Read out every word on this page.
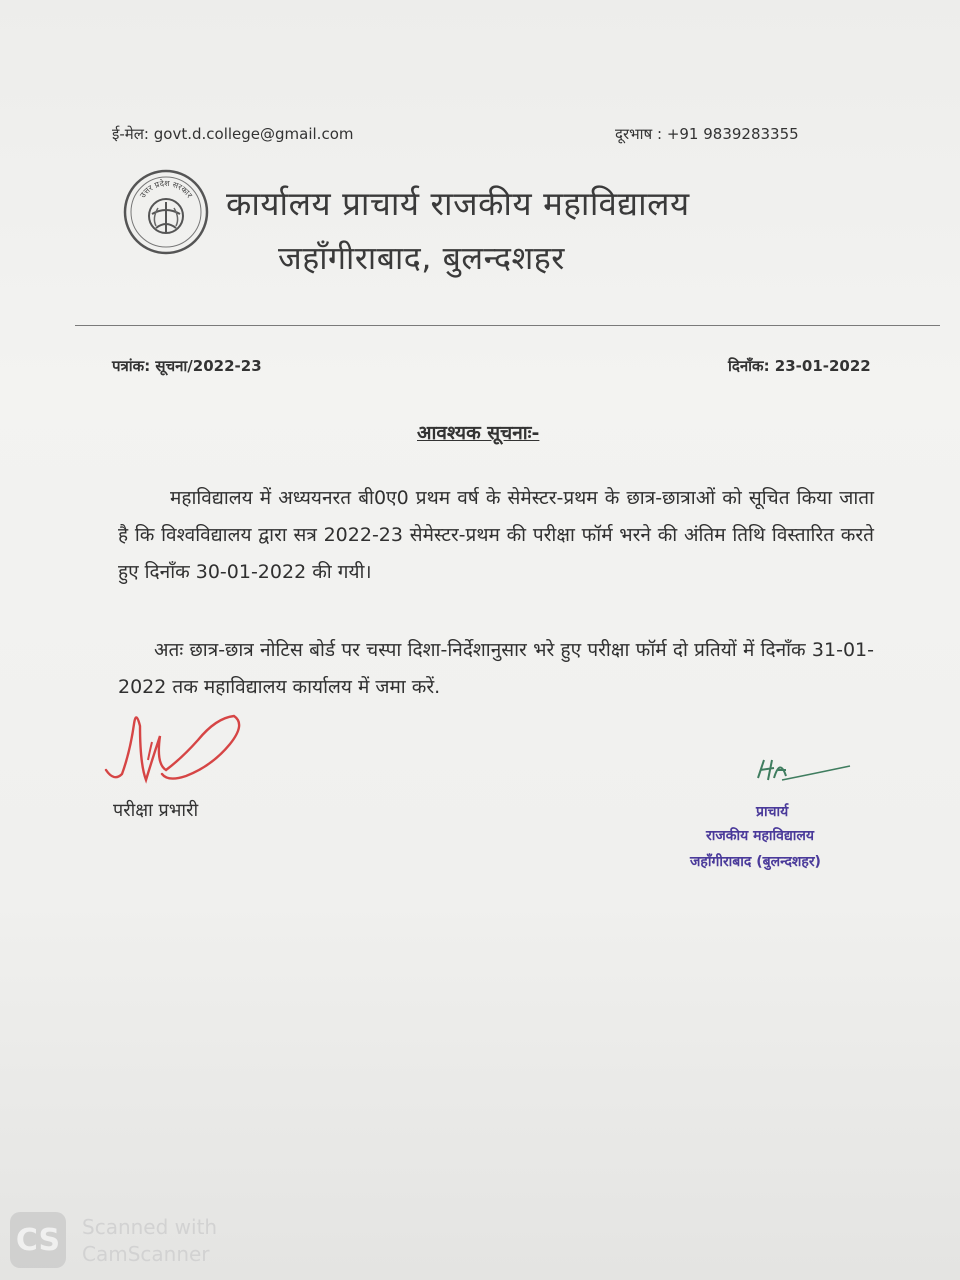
ई-मेल: govt.d.college@gmail.com	दूरभाष : +91 9839283355
उत्तर प्रदेश सरकार कार्यालय प्राचार्य राजकीय महाविद्यालय
जहाँगीराबाद, बुलन्दशहर
पत्रांक: सूचना/2022-23	दिनाँक: 23-01-2022
आवश्यक सूचनाः-
महाविद्यालय में अध्ययनरत बी0ए0 प्रथम वर्ष के सेमेस्टर-प्रथम के छात्र-छात्राओं को सूचित किया जाता है कि विश्वविद्यालय द्वारा सत्र 2022-23 सेमेस्टर-प्रथम की परीक्षा फॉर्म भरने की अंतिम तिथि विस्तारित करते हुए दिनाँक 30-01-2022 की गयी।
अतः छात्र-छात्र नोटिस बोर्ड पर चस्पा दिशा-निर्देशानुसार भरे हुए परीक्षा फॉर्म दो प्रतियों में दिनाँक 31-01-2022 तक महाविद्यालय कार्यालय में जमा करें.
परीक्षा प्रभारी	प्राचार्य
राजकीय महाविद्यालय
जहाँगीराबाद (बुलन्दशहर)
CS Scanned with
CamScanner
